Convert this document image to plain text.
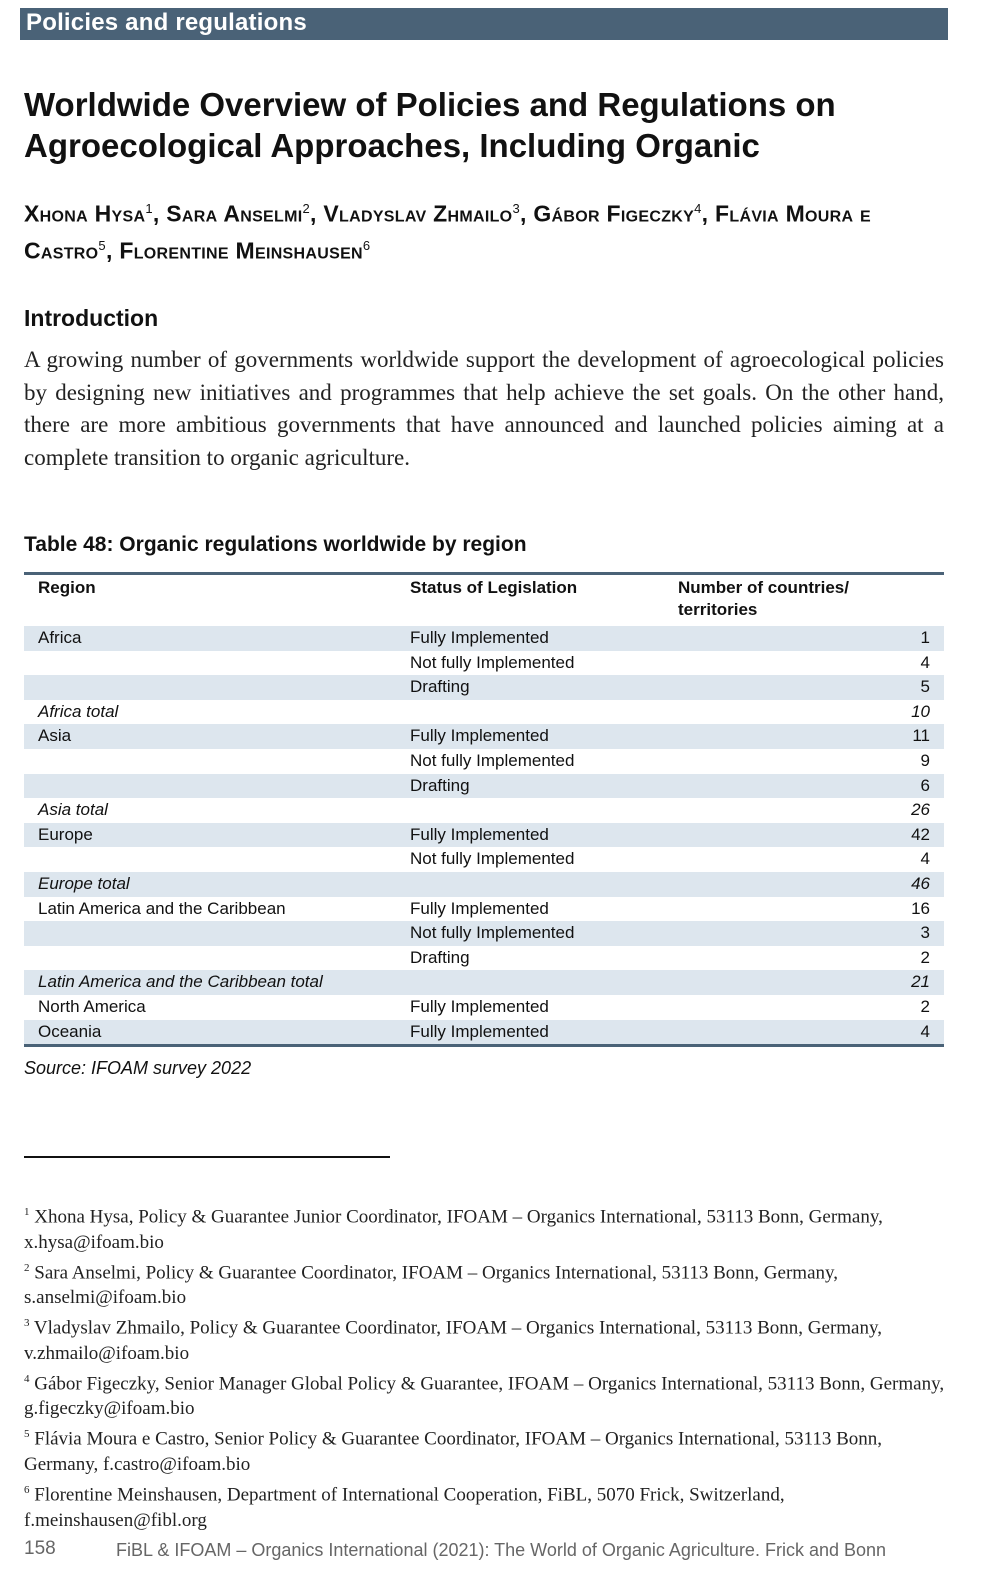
Policies and regulations
Worldwide Overview of Policies and Regulations on Agroecological Approaches, Including Organic

Xhona Hysa$^1$, Sara Anselmi$^2$, Vladyslav Zhmailo$^3$, Gábor Figeczky$^4$, Flávia Moura e Castro$^5$, Florentine Meinshausen$^6$

Introduction

A growing number of governments worldwide support the development of agroecological policies by designing new initiatives and programmes that help achieve the set goals. On the other hand, there are more ambitious governments that have announced and launched policies aiming at a complete transition to organic agriculture.

Table 48: Organic regulations worldwide by region
Region	Status of Legislation	Number of countries/
territories

Africa	Fully Implemented	1
	Not fully Implemented	4
	Drafting	5
Africa total		10
Asia	Fully Implemented	11
	Not fully Implemented	9
	Drafting	6
Asia total		26
Europe	Fully Implemented	42
	Not fully Implemented	4
Europe total		46
Latin America and the Caribbean	Fully Implemented	16
	Not fully Implemented	3
	Drafting	2
Latin America and the Caribbean total		21
North America	Fully Implemented	2
Oceania	Fully Implemented	4

Source: IFOAM survey 2022

$^1$ Xhona Hysa, Policy & Guarantee Junior Coordinator, IFOAM – Organics International, 53113 Bonn, Germany, x.hysa@ifoam.bio

$^2$ Sara Anselmi, Policy & Guarantee Coordinator, IFOAM – Organics International, 53113 Bonn, Germany, s.anselmi@ifoam.bio

$^3$ Vladyslav Zhmailo, Policy & Guarantee Coordinator, IFOAM – Organics International, 53113 Bonn, Germany, v.zhmailo@ifoam.bio

$^4$ Gábor Figeczky, Senior Manager Global Policy & Guarantee, IFOAM – Organics International, 53113 Bonn, Germany, g.figeczky@ifoam.bio

$^5$ Flávia Moura e Castro, Senior Policy & Guarantee Coordinator, IFOAM – Organics International, 53113 Bonn, Germany, f.castro@ifoam.bio

$^6$ Florentine Meinshausen, Department of International Cooperation, FiBL, 5070 Frick, Switzerland, f.meinshausen@fibl.org

158	FiBL & IFOAM – Organics International (2021): The World of Organic Agriculture. Frick and Bonn
